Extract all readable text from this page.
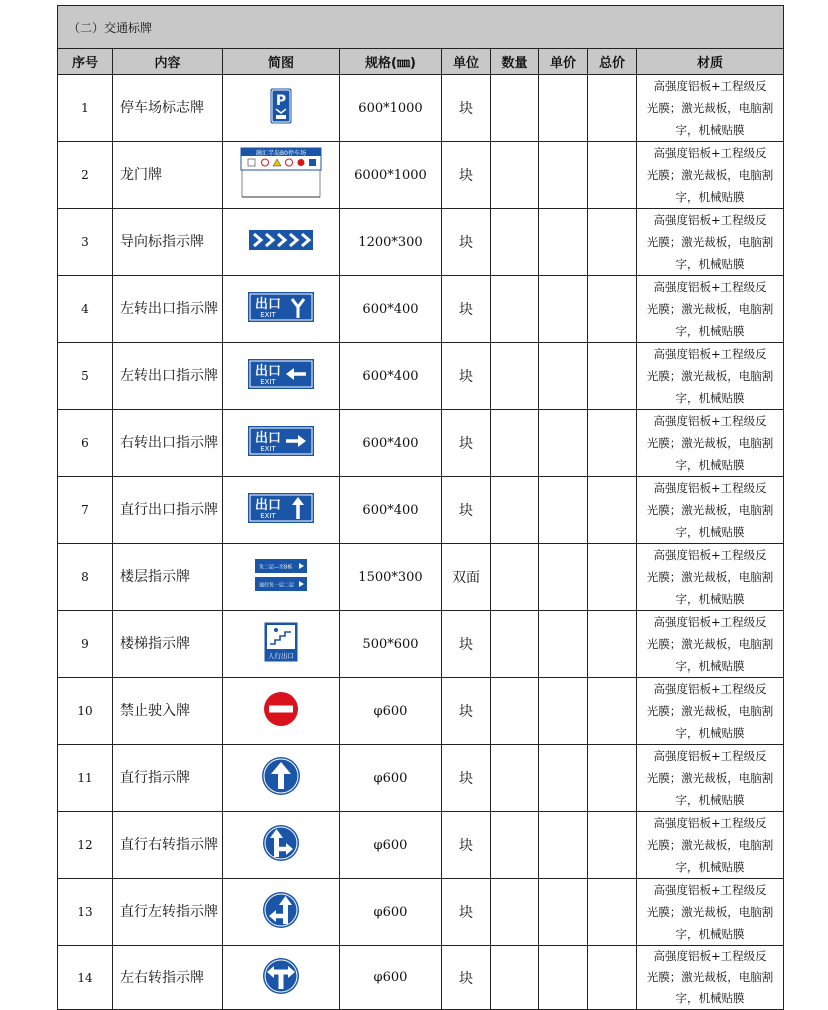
（二）交通标牌								
序号	内容	简图	规格(㎜)	单位	数量	单价	总价	材质
1	停车场标志牌	P	600*1000	块				高强度铝板+工程级反
光膜；激光裁板，电脑割
字，机械贴膜
2	龙门牌	融汇半岛B0停车场	6000*1000	块				高强度铝板+工程级反
光膜；激光裁板，电脑割
字，机械贴膜
3	导向标指示牌		1200*300	块				高强度铝板+工程级反
光膜；激光裁板，电脑割
字，机械贴膜
4	左转出口指示牌	出口
EXIT	600*400	块				高强度铝板+工程级反
光膜；激光裁板，电脑割
字，机械贴膜
5	左转出口指示牌	出口
EXIT	600*400	块				高强度铝板+工程级反
光膜；激光裁板，电脑割
字，机械贴膜
6	右转出口指示牌	出口
EXIT	600*400	块				高强度铝板+工程级反
光膜；激光裁板，电脑割
字，机械贴膜
7	直行出口指示牌	出口
EXIT	600*400	块				高强度铝板+工程级反
光膜；激光裁板，电脑割
字，机械贴膜
8	楼层指示牌	负二层—至B栋
通往负一层二层	1500*300	双面				高强度铝板+工程级反
光膜；激光裁板，电脑割
字，机械贴膜
9	楼梯指示牌	人行出口	500*600	块				高强度铝板+工程级反
光膜；激光裁板，电脑割
字，机械贴膜
10	禁止驶入牌		φ600	块				高强度铝板+工程级反
光膜；激光裁板，电脑割
字，机械贴膜
11	直行指示牌		φ600	块				高强度铝板+工程级反
光膜；激光裁板，电脑割
字，机械贴膜
12	直行右转指示牌		φ600	块				高强度铝板+工程级反
光膜；激光裁板，电脑割
字，机械贴膜
13	直行左转指示牌		φ600	块				高强度铝板+工程级反
光膜；激光裁板，电脑割
字，机械贴膜
14	左右转指示牌		φ600	块				高强度铝板+工程级反
光膜；激光裁板，电脑割
字，机械贴膜
